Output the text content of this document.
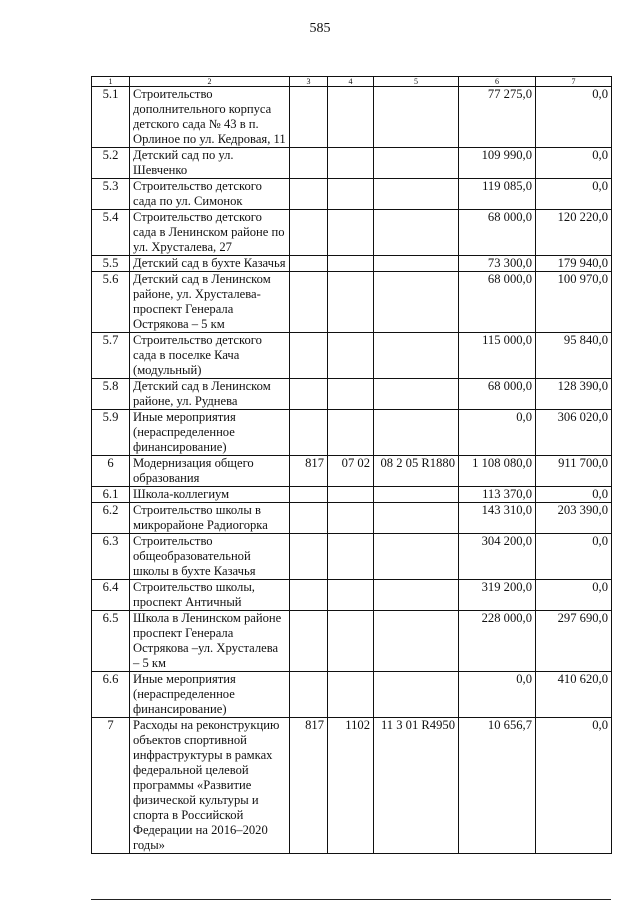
585
1	2	3	4	5	6	7
5.1	Строительство дополнительного корпуса детского сада № 43 в п. Орлиное по ул. Кедровая, 11				77 275,0	0,0
5.2	Детский сад по ул. Шевченко				109 990,0	0,0
5.3	Строительство детского сада по ул. Симонок				119 085,0	0,0
5.4	Строительство детского сада в Ленинском районе по ул. Хрусталева, 27				68 000,0	120 220,0
5.5	Детский сад в бухте Казачья				73 300,0	179 940,0
5.6	Детский сад в Ленинском районе, ул. Хрусталева-проспект Генерала Острякова – 5 км				68 000,0	100 970,0
5.7	Строительство детского сада в поселке Кача (модульный)				115 000,0	95 840,0
5.8	Детский сад в Ленинском районе, ул. Руднева				68 000,0	128 390,0
5.9	Иные мероприятия (нераспределенное финансирование)				0,0	306 020,0
6	Модернизация общего образования	817	07 02	08 2 05 R1880	1 108 080,0	911 700,0
6.1	Школа-коллегиум				113 370,0	0,0
6.2	Строительство школы в микрорайоне Радиогорка				143 310,0	203 390,0
6.3	Строительство общеобразовательной школы в бухте Казачья				304 200,0	0,0
6.4	Строительство школы, проспект Античный				319 200,0	0,0
6.5	Школа в Ленинском районе проспект Генерала Острякова –ул. Хрусталева – 5 км				228 000,0	297 690,0
6.6	Иные мероприятия (нераспределенное финансирование)				0,0	410 620,0
7	Расходы на реконструкцию объектов спортивной инфраструктуры в рамках федеральной целевой программы «Развитие физической культуры и спорта в Российской Федерации на 2016–2020 годы»	817	1102	11 3 01 R4950	10 656,7	0,0
